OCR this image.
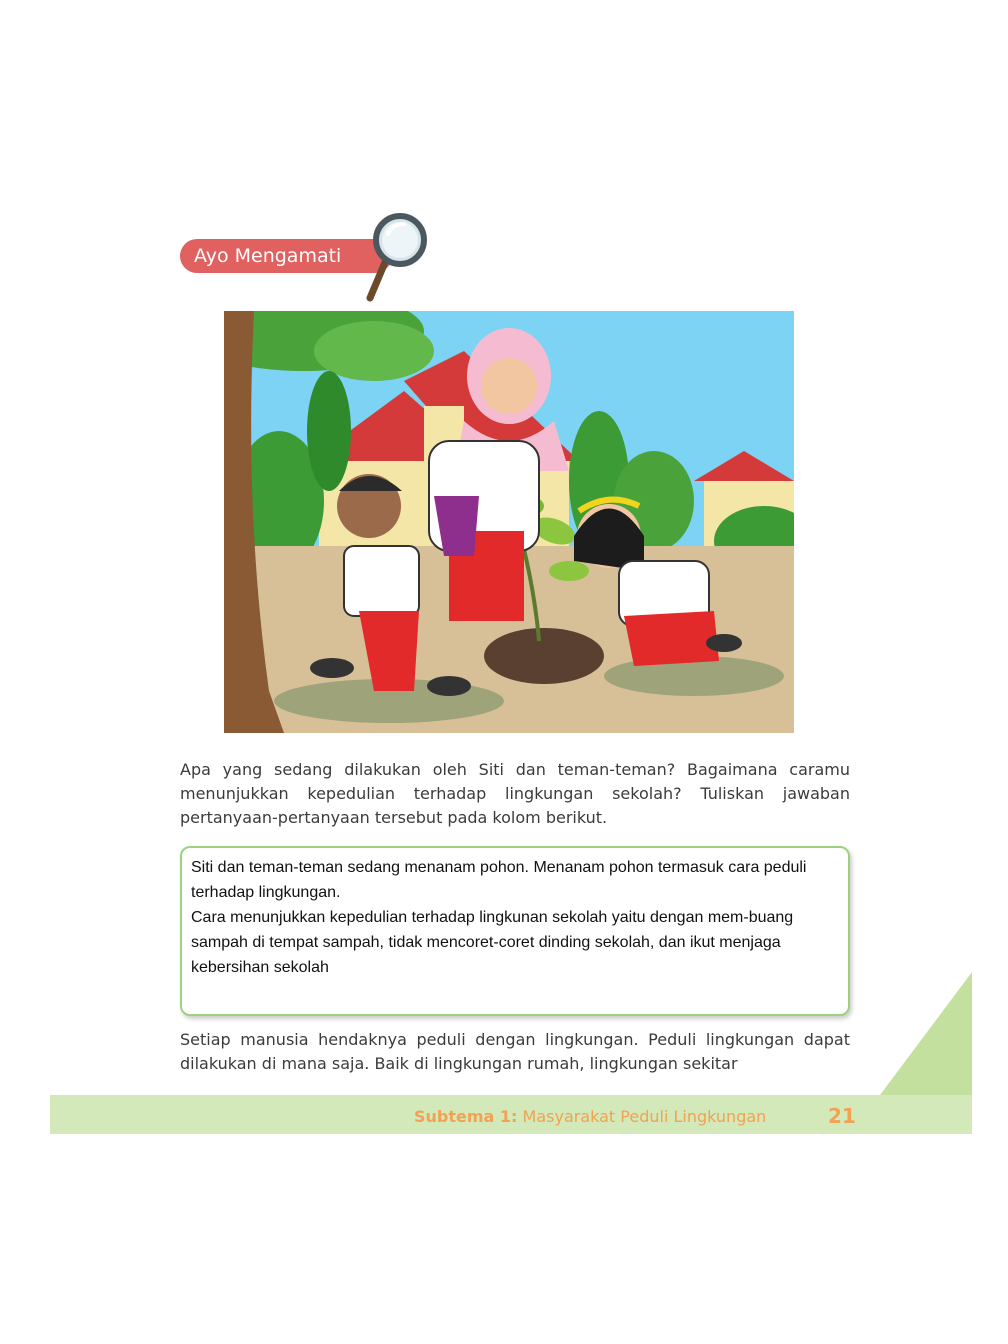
Ayo Mengamati

Apa yang sedang dilakukan oleh Siti dan teman-teman? Bagaimana caramu menunjukkan kepedulian terhadap lingkungan sekolah? Tuliskan jawaban pertanyaan-pertanyaan tersebut pada kolom berikut.

Siti dan teman-teman sedang menanam pohon. Menanam pohon termasuk cara peduli terhadap lingkungan.

Cara menunjukkan kepedulian terhadap lingkunan sekolah yaitu dengan mem-buang sampah di tempat sampah, tidak mencoret-coret dinding sekolah, dan ikut menjaga kebersihan sekolah

Setiap manusia hendaknya peduli dengan lingkungan. Peduli lingkungan dapat dilakukan di mana saja. Baik di lingkungan rumah, lingkungan sekitar

Subtema 1: Masyarakat Peduli Lingkungan	21
